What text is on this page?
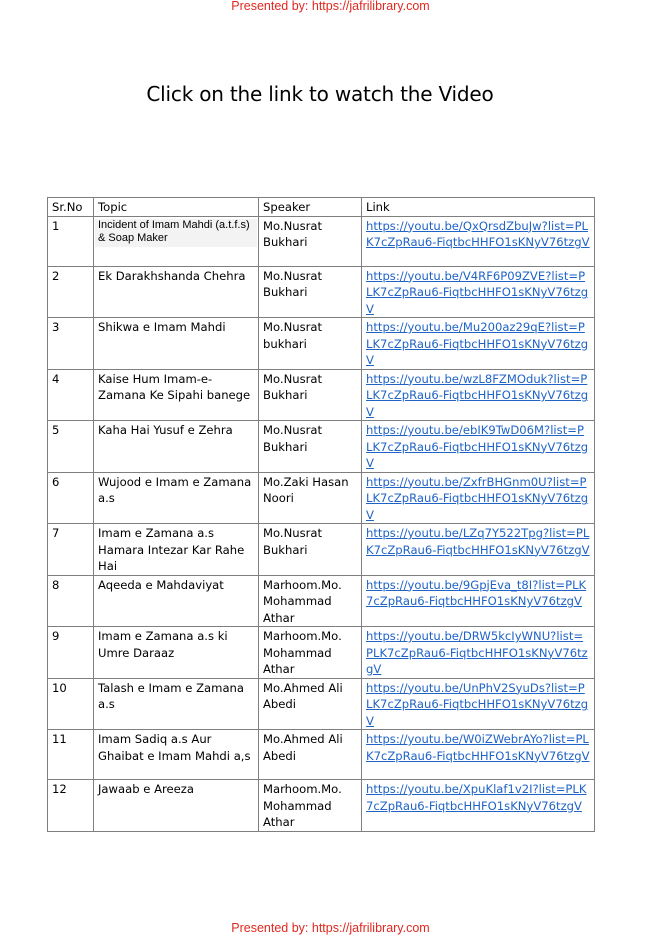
Presented by: https://jafrilibrary.com
Click on the link to watch the Video
Sr.No	Topic	Speaker	Link
1	Incident of Imam Mahdi (a.t.f.s) & Soap Maker	Mo.Nusrat Bukhari	https://youtu.be/QxQrsdZbuJw?list=PLK7cZpRau6-FiqtbcHHFO1sKNyV76tzgV

2	Ek Darakhshanda Chehra	Mo.Nusrat Bukhari	https://youtu.be/V4RF6P09ZVE?list=PLK7cZpRau6-FiqtbcHHFO1sKNyV76tzgV

3	Shikwa e Imam Mahdi	Mo.Nusrat bukhari	https://youtu.be/Mu200az29qE?list=PLK7cZpRau6-FiqtbcHHFO1sKNyV76tzgV

4	Kaise Hum Imam-e-Zamana Ke Sipahi banege	Mo.Nusrat Bukhari	https://youtu.be/wzL8FZMOduk?list=PLK7cZpRau6-FiqtbcHHFO1sKNyV76tzgV

5	Kaha Hai Yusuf e Zehra	Mo.Nusrat Bukhari	https://youtu.be/ebIK9TwD06M?list=PLK7cZpRau6-FiqtbcHHFO1sKNyV76tzgV

6	Wujood e Imam e Zamana a.s	Mo.Zaki Hasan Noori	https://youtu.be/ZxfrBHGnm0U?list=PLK7cZpRau6-FiqtbcHHFO1sKNyV76tzgV

7	Imam e Zamana a.s Hamara Intezar Kar Rahe Hai	Mo.Nusrat Bukhari	https://youtu.be/LZq7Y522Tpg?list=PLK7cZpRau6-FiqtbcHHFO1sKNyV76tzgV

8	Aqeeda e Mahdaviyat	Marhoom.Mo. Mohammad Athar	https://youtu.be/9GpjEva_t8I?list=PLK7cZpRau6-FiqtbcHHFO1sKNyV76tzgV

9	Imam e Zamana a.s ki Umre Daraaz	Marhoom.Mo. Mohammad Athar	https://youtu.be/DRW5kcIyWNU?list=PLK7cZpRau6-FiqtbcHHFO1sKNyV76tzgV

10	Talash e Imam e Zamana a.s	Mo.Ahmed Ali Abedi	https://youtu.be/UnPhV2SyuDs?list=PLK7cZpRau6-FiqtbcHHFO1sKNyV76tzgV

11	Imam Sadiq a.s Aur Ghaibat e Imam Mahdi a,s	Mo.Ahmed Ali Abedi	https://youtu.be/W0iZWebrAYo?list=PLK7cZpRau6-FiqtbcHHFO1sKNyV76tzgV

12	Jawaab e Areeza	Marhoom.Mo. Mohammad Athar	https://youtu.be/XpuKlaf1v2I?list=PLK7cZpRau6-FiqtbcHHFO1sKNyV76tzgV
Presented by: https://jafrilibrary.com
